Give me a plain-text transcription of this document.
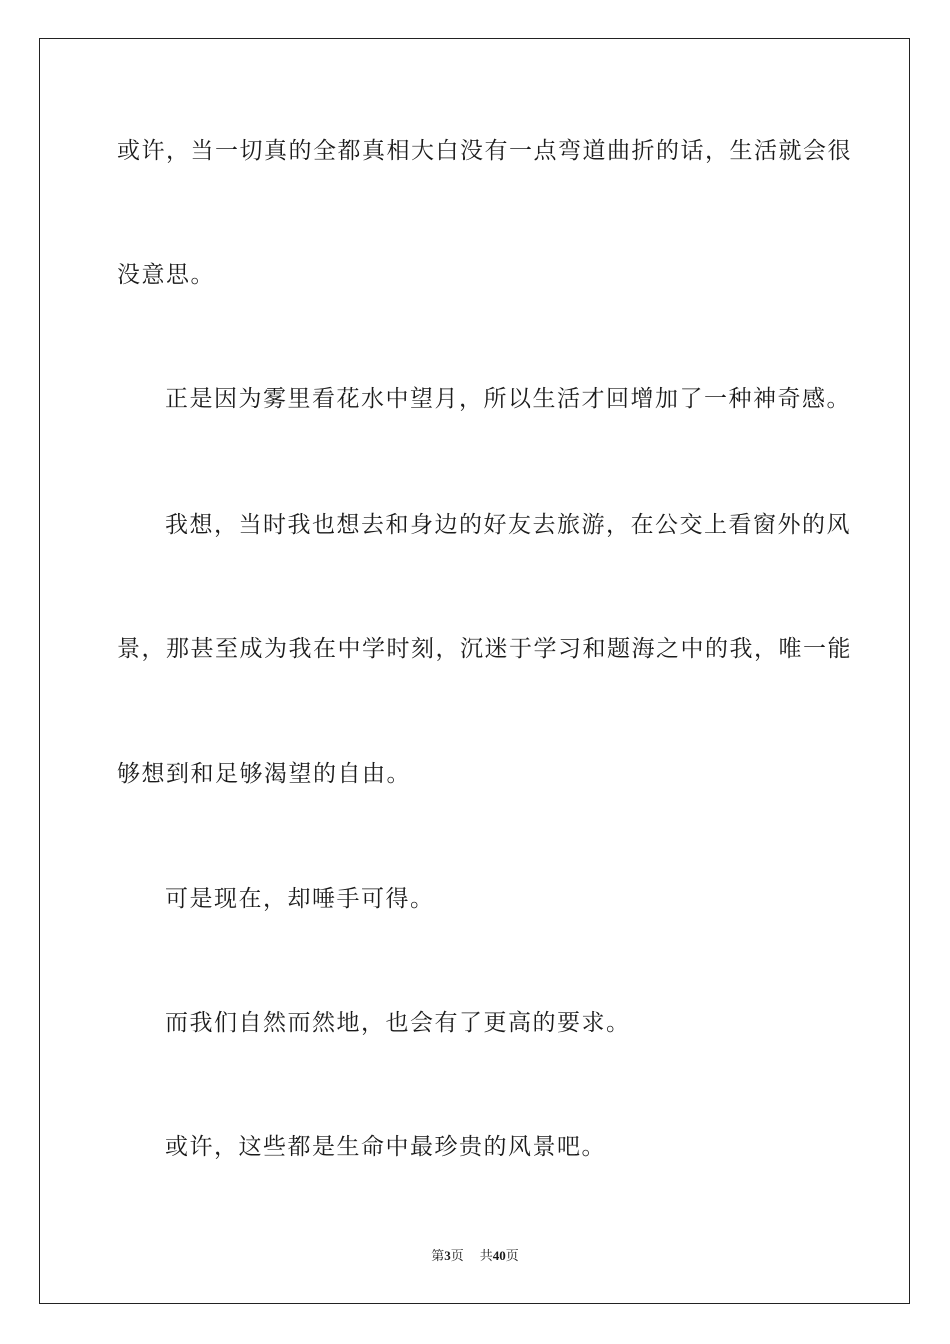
或许，当一切真的全都真相大白没有一点弯道曲折的话，生活就会很
没意思。
正是因为雾里看花水中望月，所以生活才回增加了一种神奇感。
我想，当时我也想去和身边的好友去旅游，在公交上看窗外的风
景，那甚至成为我在中学时刻，沉迷于学习和题海之中的我，唯一能
够想到和足够渴望的自由。
可是现在，却唾手可得。
而我们自然而然地，也会有了更高的要求。
或许，这些都是生命中最珍贵的风景吧。
第3页 共40页
